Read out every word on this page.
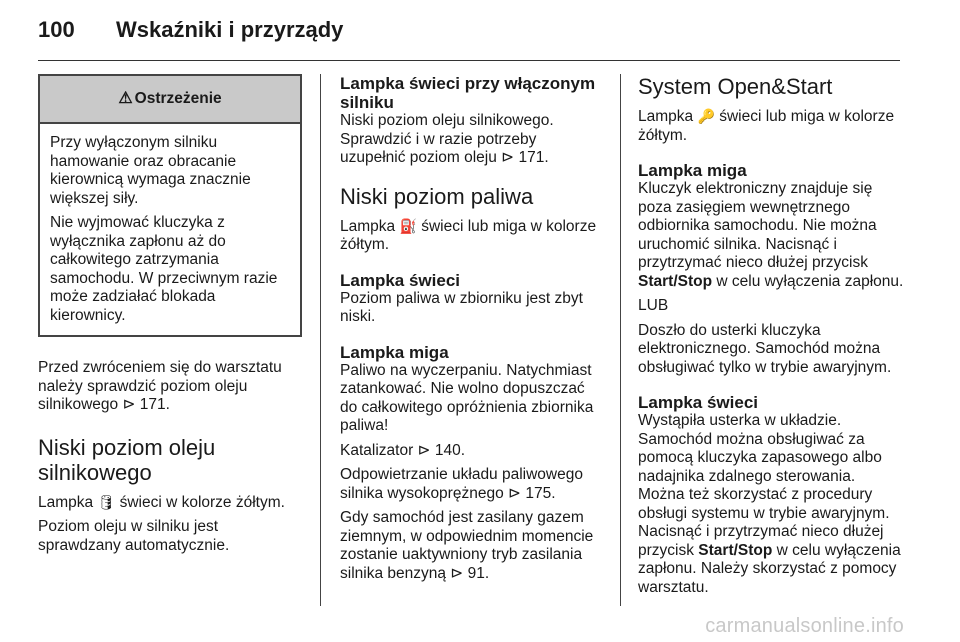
100 Wskaźniki i przyrządy
⚠ Ostrzeżenie

Przy wyłączonym silniku hamowanie oraz obracanie kierownicą wymaga znacznie większej siły.

Nie wyjmować kluczyka z wyłącznika zapłonu aż do całkowitego zatrzymania samochodu. W przeciwnym razie może zadziałać blokada kierownicy.

Przed zwróceniem się do warsztatu należy sprawdzić poziom oleju silnikowego ⊳ 171.

Niski poziom oleju silnikowego

Lampka 🛢 świeci w kolorze żółtym.

Poziom oleju w silniku jest sprawdzany automatycznie.

Lampka świeci przy włączonym silniku

Niski poziom oleju silnikowego. Sprawdzić i w razie potrzeby uzupełnić poziom oleju ⊳ 171.

Niski poziom paliwa

Lampka ⛽ świeci lub miga w kolorze żółtym.

Lampka świeci

Poziom paliwa w zbiorniku jest zbyt niski.

Lampka miga

Paliwo na wyczerpaniu. Natychmiast zatankować. Nie wolno dopuszczać do całkowitego opróżnienia zbiornika paliwa!

Katalizator ⊳ 140.

Odpowietrzanie układu paliwowego silnika wysokoprężnego ⊳ 175.

Gdy samochód jest zasilany gazem ziemnym, w odpowiednim momencie zostanie uaktywniony tryb zasilania silnika benzyną ⊳ 91.

System Open&Start

Lampka 🔑 świeci lub miga w kolorze żółtym.

Lampka miga

Kluczyk elektroniczny znajduje się poza zasięgiem wewnętrznego odbiornika samochodu. Nie można uruchomić silnika. Nacisnąć i przytrzymać nieco dłużej przycisk Start/Stop w celu wyłączenia zapłonu.

LUB

Doszło do usterki kluczyka elektronicznego. Samochód można obsługiwać tylko w trybie awaryjnym.

Lampka świeci

Wystąpiła usterka w układzie. Samochód można obsługiwać za pomocą kluczyka zapasowego albo nadajnika zdalnego sterowania. Można też skorzystać z procedury obsługi systemu w trybie awaryjnym. Nacisnąć i przytrzymać nieco dłużej przycisk Start/Stop w celu wyłączenia zapłonu. Należy skorzystać z pomocy warsztatu.

carmanualsonline.info
